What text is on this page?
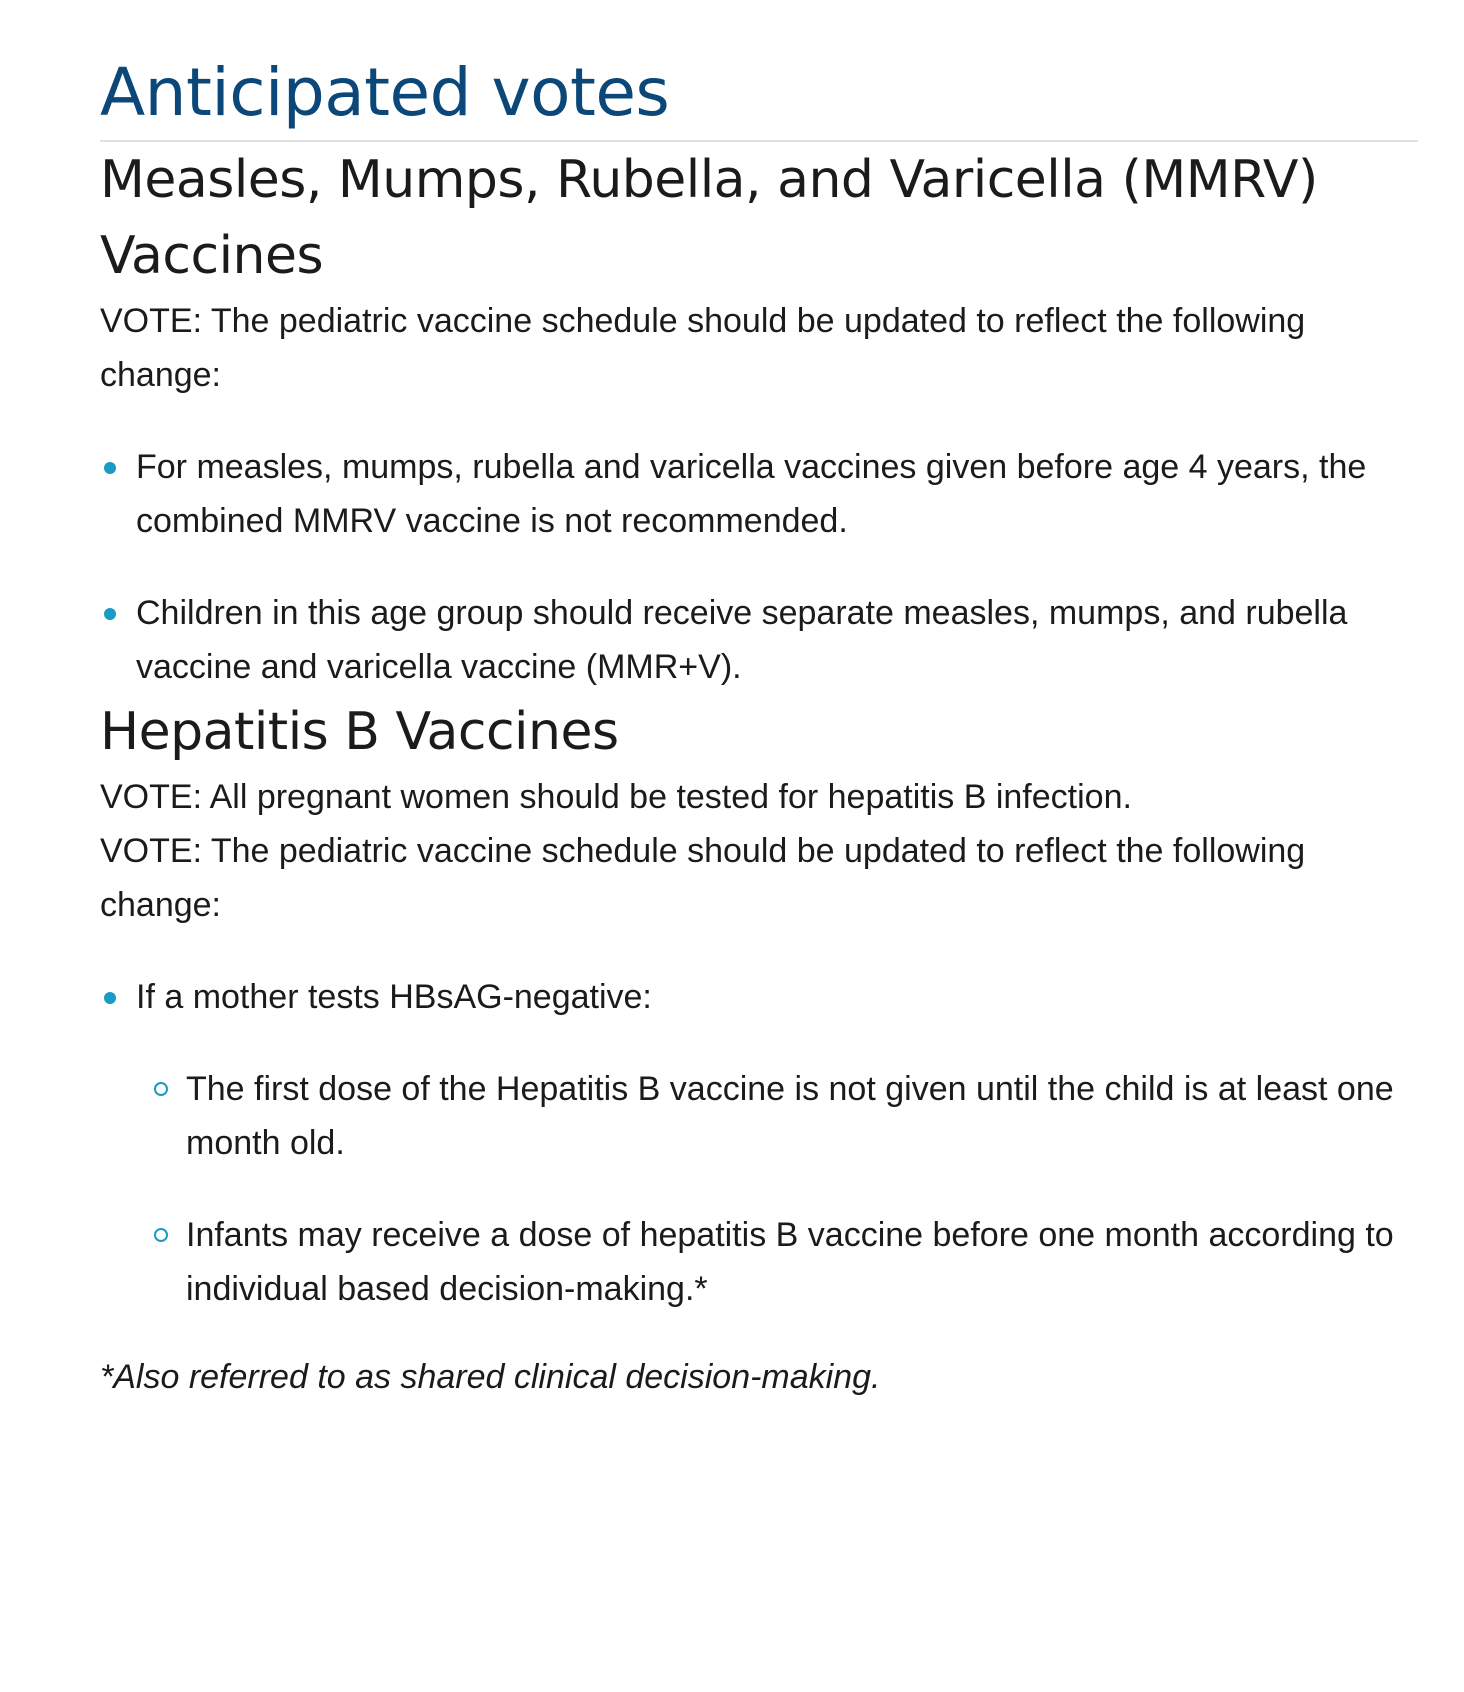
Anticipated votes
Measles, Mumps, Rubella, and Varicella (MMRV) Vaccines

VOTE: The pediatric vaccine schedule should be updated to reflect the following change:

For measles, mumps, rubella and varicella vaccines given before age 4 years, the combined MMRV vaccine is not recommended.
Children in this age group should receive separate measles, mumps, and rubella vaccine and varicella vaccine (MMR+V).
Hepatitis B Vaccines

VOTE: All pregnant women should be tested for hepatitis B infection.

VOTE: The pediatric vaccine schedule should be updated to reflect the following change:

If a mother tests HBsAG-negative:
The first dose of the Hepatitis B vaccine is not given until the child is at least one month old.
Infants may receive a dose of hepatitis B vaccine before one month according to individual based decision-making.*

*Also referred to as shared clinical decision-making.
